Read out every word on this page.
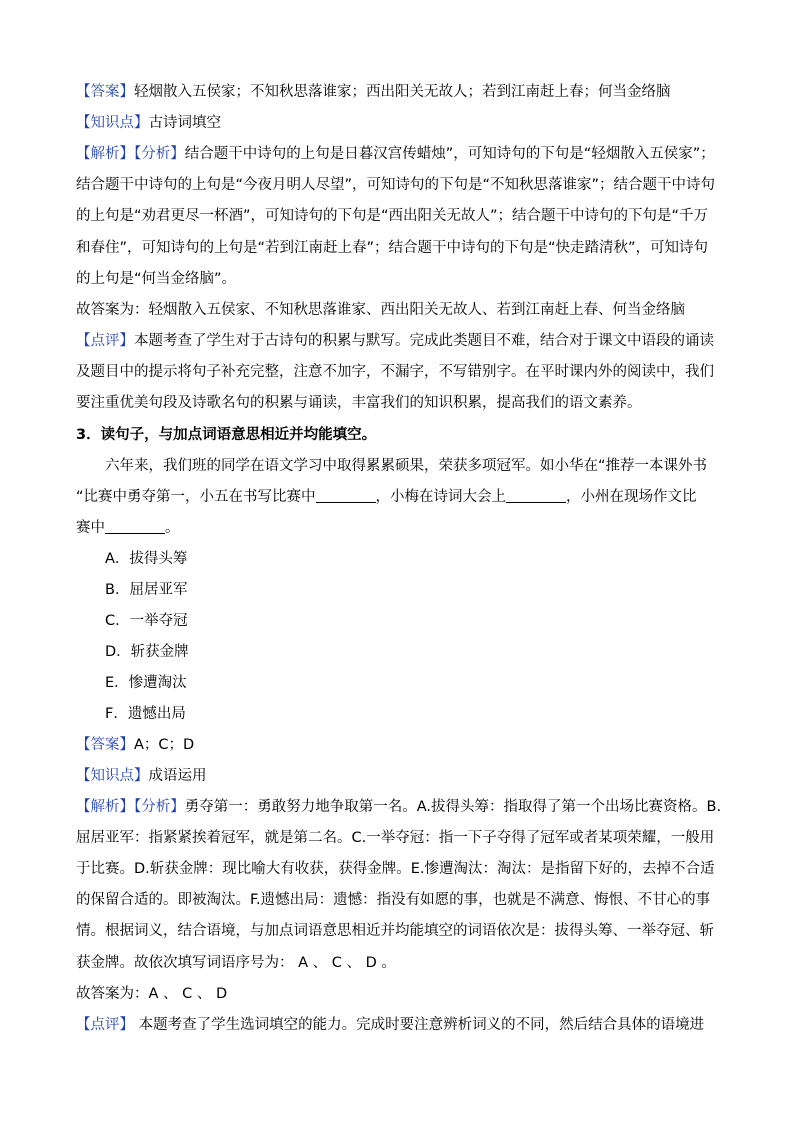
【答案】轻烟散入五侯家；不知秋思落谁家；西出阳关无故人；若到江南赶上春；何当金络脑
【知识点】古诗词填空

【解析】【分析】结合题干中诗句的上句是日暮汉宫传蜡烛”，可知诗句的下句是“轻烟散入五侯家”；结合题干中诗句的上句是“今夜月明人尽望”，可知诗句的下句是“不知秋思落谁家”；结合题干中诗句的上句是“劝君更尽一杯酒”，可知诗句的下句是“西出阳关无故人”；结合题干中诗句的下句是“千万和春住”，可知诗句的上句是“若到江南赶上春”；结合题干中诗句的下句是“快走踏清秋”，可知诗句的上句是“何当金络脑”。

故答案为：轻烟散入五侯家、不知秋思落谁家、西出阳关无故人、若到江南赶上春、何当金络脑

【点评】本题考查了学生对于古诗句的积累与默写。完成此类题目不难，结合对于课文中语段的诵读及题目中的提示将句子补充完整，注意不加字，不漏字，不写错别字。在平时课内外的阅读中，我们要注重优美句段及诗歌名句的积累与诵读，丰富我们的知识积累，提高我们的语文素养。

3．读句子，与加点词语意思相近并均能填空。
六年来，我们班的同学在语文学习中取得累累硕果，荣获多项冠军。如小华在“推荐一本课外书
“比赛中勇夺第一，小五在书写比赛中	，小梅在诗词大会上	，小州在现场作文比
赛中	。
A．拔得头筹
B．屈居亚军
C．一举夺冠
D．斩获金牌
E．惨遭淘汰
F．遗憾出局
【答案】A；C；D
【知识点】成语运用

【解析】【分析】勇夺第一：勇敢努力地争取第一名。A.拔得头筹：指取得了第一个出场比赛资格。B.屈居亚军：指紧紧挨着冠军，就是第二名。C.一举夺冠：指一下子夺得了冠军或者某项荣耀，一般用于比赛。D.斩获金牌：现比喻大有收获，获得金牌。E.惨遭淘汰：淘汰：是指留下好的，去掉不合适的保留合适的。即被淘汰。F.遗憾出局：遗憾：指没有如愿的事，也就是不满意、悔恨、不甘心的事情。根据词义，结合语境，与加点词语意思相近并均能填空的词语依次是：拔得头筹、一举夺冠、斩获金牌。故依次填写词语序号为： A 、 C 、 D 。

故答案为：A 、 C 、 D
【点评】 本题考查了学生选词填空的能力。完成时要注意辨析词义的不同，然后结合具体的语境进
